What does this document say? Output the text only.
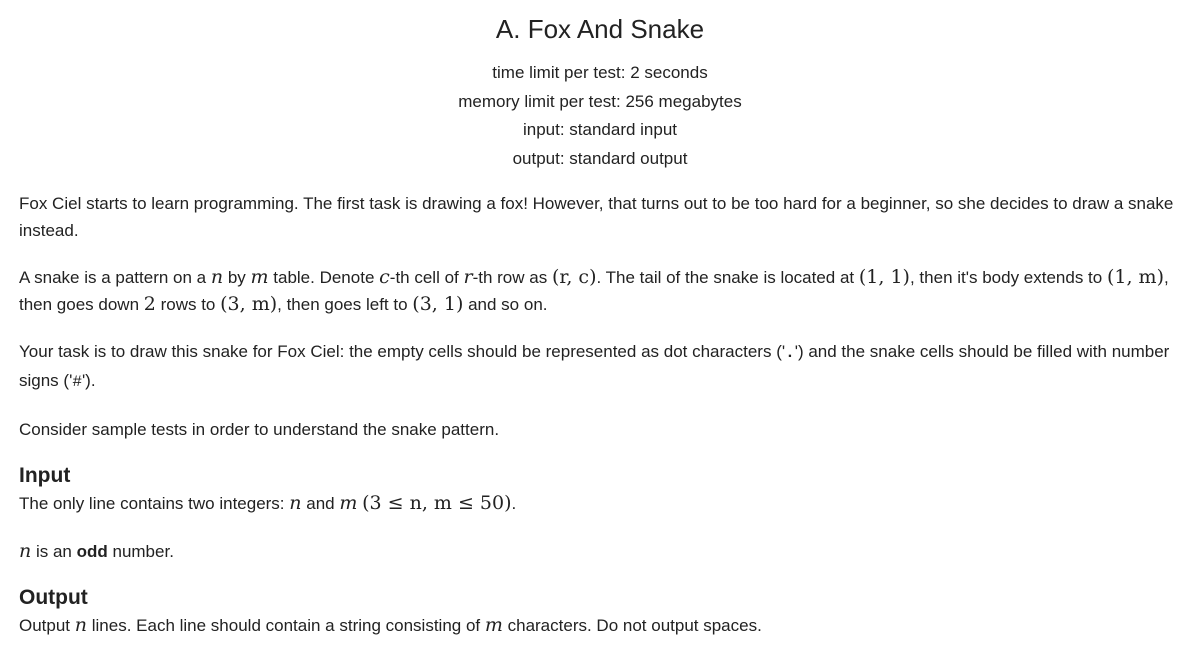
A. Fox And Snake
time limit per test: 2 seconds
memory limit per test: 256 megabytes
input: standard input
output: standard output

Fox Ciel starts to learn programming. The first task is drawing a fox! However, that turns out to be too hard for a beginner, so she decides to draw a snake instead.

A snake is a pattern on a n by m table. Denote c-th cell of r-th row as (r, c). The tail of the snake is located at (1, 1), then it's body extends to (1, m), then goes down 2 rows to (3, m), then goes left to (3, 1) and so on.

Your task is to draw this snake for Fox Ciel: the empty cells should be represented as dot characters ('.') and the snake cells should be filled with number signs ('#').

Consider sample tests in order to understand the snake pattern.

Input

The only line contains two integers: n and m (3 ≤ n, m ≤ 50).

n is an odd number.

Output

Output n lines. Each line should contain a string consisting of m characters. Do not output spaces.
